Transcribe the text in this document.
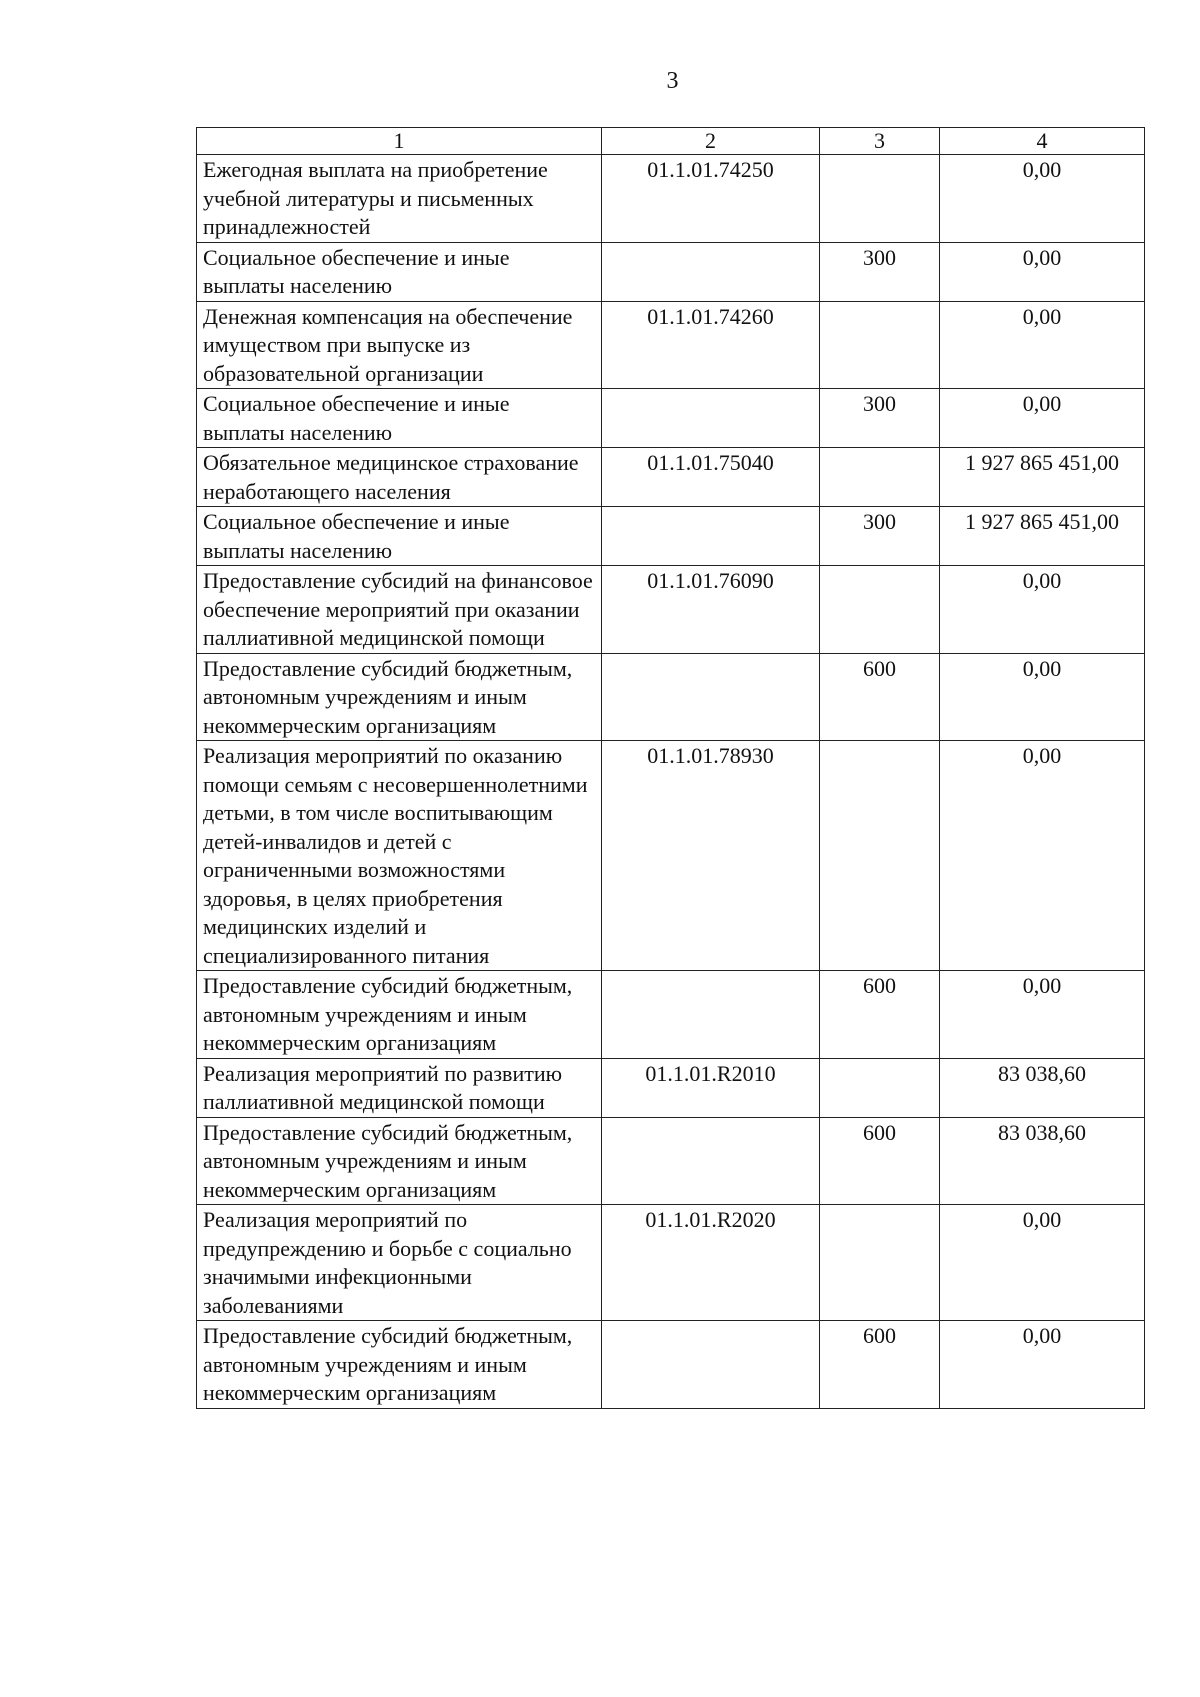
3
1	2	3	4
Ежегодная выплата на приобретение учебной литературы и письменных принадлежностей	01.1.01.74250		0,00
Социальное обеспечение и иные выплаты населению		300	0,00
Денежная компенсация на обеспечение имуществом при выпуске из образовательной организации	01.1.01.74260		0,00
Социальное обеспечение и иные выплаты населению		300	0,00
Обязательное медицинское страхование неработающего населения	01.1.01.75040		1 927 865 451,00
Социальное обеспечение и иные выплаты населению		300	1 927 865 451,00
Предоставление субсидий на финансовое обеспечение мероприятий при оказании паллиативной медицинской помощи	01.1.01.76090		0,00
Предоставление субсидий бюджетным, автономным учреждениям и иным некоммерческим организациям		600	0,00
Реализация мероприятий по оказанию помощи семьям с несовершеннолетними детьми, в том числе воспитывающим детей-инвалидов и детей с ограниченными возможностями здоровья, в целях приобретения медицинских изделий и специализированного питания	01.1.01.78930		0,00
Предоставление субсидий бюджетным, автономным учреждениям и иным некоммерческим организациям		600	0,00
Реализация мероприятий по развитию паллиативной медицинской помощи	01.1.01.R2010		83 038,60
Предоставление субсидий бюджетным, автономным учреждениям и иным некоммерческим организациям		600	83 038,60
Реализация мероприятий по предупреждению и борьбе с социально значимыми инфекционными заболеваниями	01.1.01.R2020		0,00
Предоставление субсидий бюджетным, автономным учреждениям и иным некоммерческим организациям		600	0,00
